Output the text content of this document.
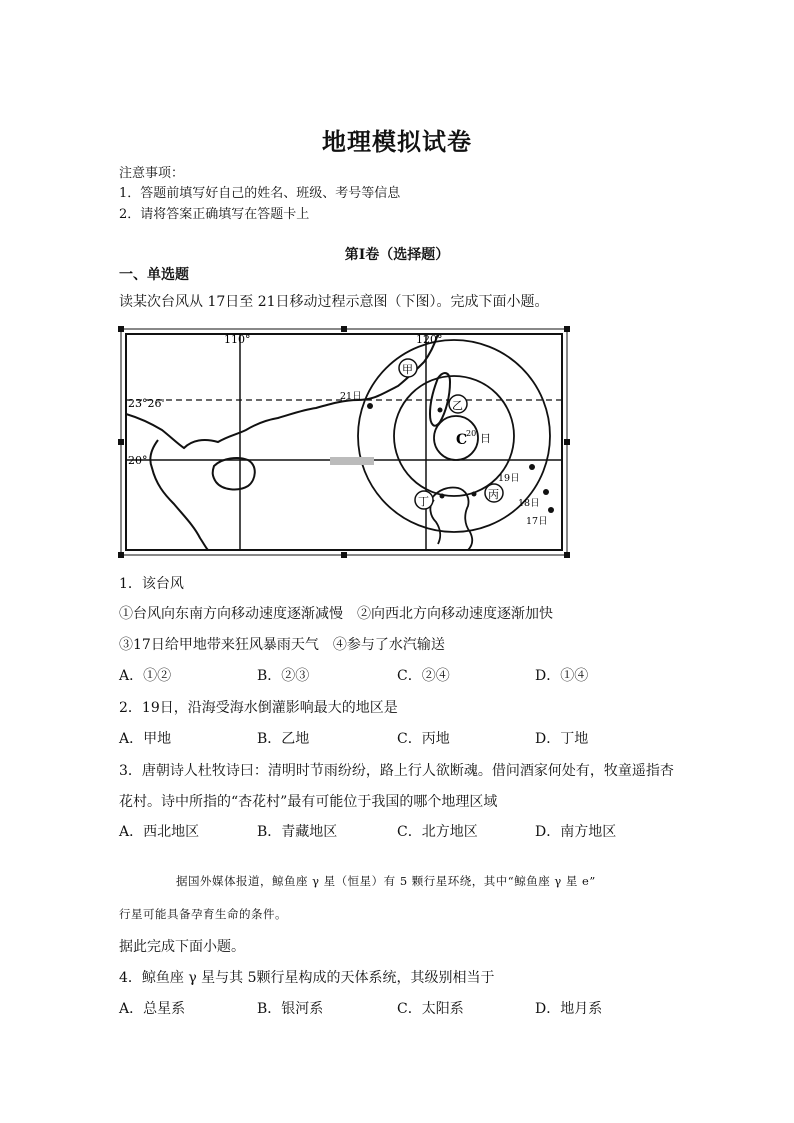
地理模拟试卷
注意事项：
1．答题前填写好自己的姓名、班级、考号等信息
2．请将答案正确填写在答题卡上
第I卷（选择题）
一、单选题
读某次台风从 17日至 21日移动过程示意图（下图）。完成下面小题。
110°	120°
23°26'
20°
甲
乙
丙
丁
21日
C
20 日
19日
18日
17日
1．该台风
①台风向东南方向移动速度逐渐减慢　②向西北方向移动速度逐渐加快
③17日给甲地带来狂风暴雨天气　④参与了水汽输送
A．①②	B．②③	C．②④	D．①④
2．19日，沿海受海水倒灌影响最大的地区是
A．甲地	B．乙地	C．丙地	D．丁地
3．唐朝诗人杜牧诗曰：清明时节雨纷纷，路上行人欲断魂。借问酒家何处有，牧童遥指杏
花村。诗中所指的“杏花村”最有可能位于我国的哪个地理区域
A．西北地区	B．青藏地区	C．北方地区	D．南方地区
据国外媒体报道，鲸鱼座 γ 星（恒星）有 5 颗行星环绕，其中“鲸鱼座 γ 星 e”
行星可能具备孕育生命的条件。
据此完成下面小题。
4．鲸鱼座 γ 星与其 5颗行星构成的天体系统，其级别相当于
A．总星系	B．银河系	C．太阳系	D．地月系
